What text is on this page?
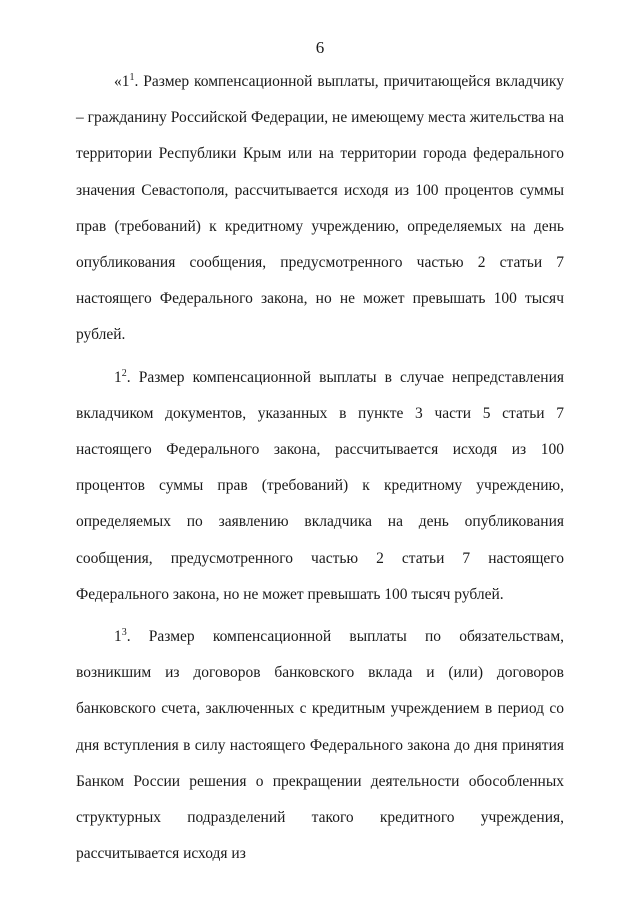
6

«$1^1$. Размер компенсационной выплаты, причитающейся вкладчику – гражданину Российской Федерации, не имеющему места жительства на территории Республики Крым или на территории города федерального значения Севастополя, рассчитывается исходя из 100 процентов суммы прав (требований) к кредитному учреждению, определяемых на день опубликования сообщения, предусмотренного частью 2 статьи 7 настоящего Федерального закона, но не может превышать 100 тысяч рублей.

$1^2$. Размер компенсационной выплаты в случае непредставления вкладчиком документов, указанных в пункте 3 части 5 статьи 7 настоящего Федерального закона, рассчитывается исходя из 100 процентов суммы прав (требований) к кредитному учреждению, определяемых по заявлению вкладчика на день опубликования сообщения, предусмотренного частью 2 статьи 7 настоящего Федерального закона, но не может превышать 100 тысяч рублей.

$1^3$. Размер компенсационной выплаты по обязательствам, возникшим из договоров банковского вклада и (или) договоров банковского счета, заключенных с кредитным учреждением в период со дня вступления в силу настоящего Федерального закона до дня принятия Банком России решения о прекращении деятельности обособленных структурных подразделений такого кредитного учреждения, рассчитывается исходя из
